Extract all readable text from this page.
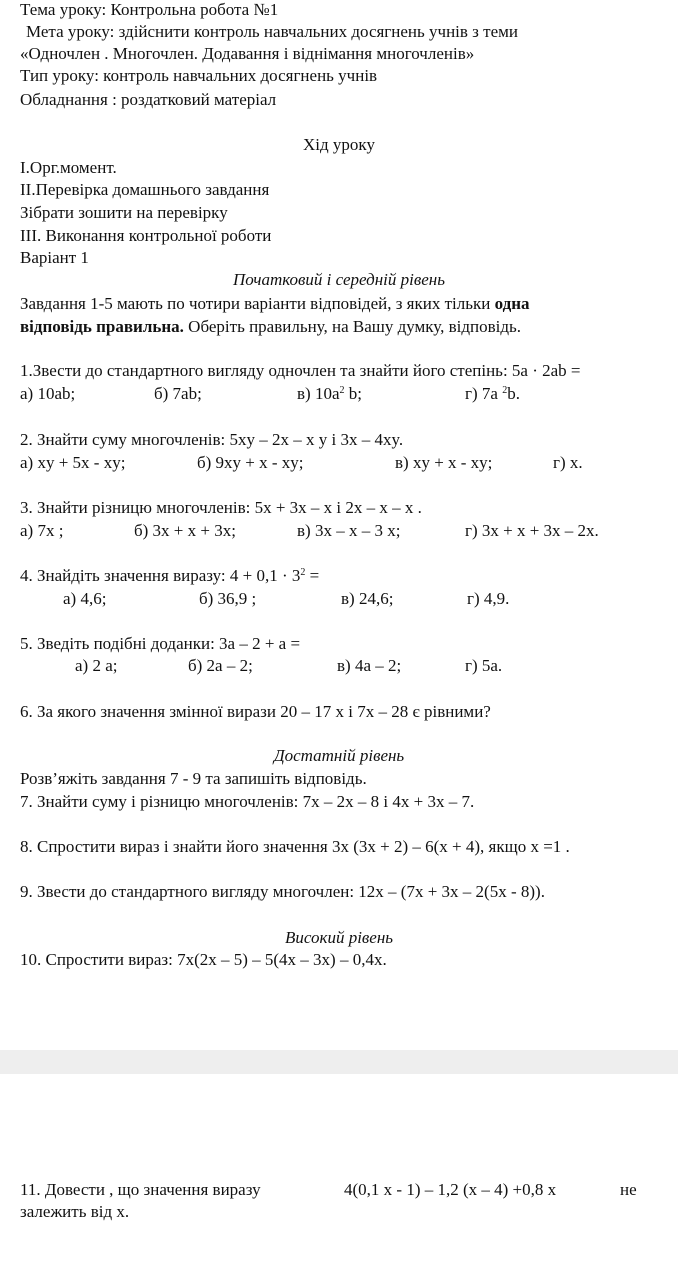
Тема уроку: Контрольна робота №1
Мета уроку: здійснити контроль навчальних досягнень учнів з теми
«Одночлен . Многочлен. Додавання і віднімання многочленів»
Тип уроку: контроль навчальних досягнень учнів
Обладнання : роздатковий матеріал
Хід уроку
І.Орг.момент.
ІІ.Перевірка домашнього завдання
Зібрати зошити на перевірку
ІІІ. Виконання контрольної роботи
Варіант 1
Початковий і середній рівень
Завдання 1-5 мають по чотири варіанти відповідей, з яких тільки одна
відповідь правильна. Оберіть правильну, на Вашу думку, відповідь.
1.Звести до стандартного вигляду одночлен та знайти його степінь: 5a · 2ab =
а) 10ab;	б) 7ab;	в) $10a^2$ b;	г) 7a $^2$b.
2. Знайти суму многочленів: 5xy – 2x – x y і 3x – 4xy.
а) xy + 5x - xy;	б) 9xy + x - xy;	в) xy + x - xy;	г) x.
3. Знайти різницю многочленів: 5x + 3x – x і 2x – x – x .
а) 7x ;	б) 3x + x + 3x;	в) 3x – x – 3 x;	г) 3x + x + 3x – 2x.
4. Знайдіть значення виразу: $4 + 0,1 \cdot 3^2$ =
а) 4,6;	б) 36,9 ;	в) 24,6;	г) 4,9.
5. Зведіть подібні доданки: 3a – 2 + a =
а) 2 a;	б) 2a – 2;	в) 4a – 2;	г) 5a.
6. За якого значення змінної вирази 20 – 17 x і 7x – 28 є рівними?
Достатній рівень
Розв’яжіть завдання 7 - 9 та запишіть відповідь.
7. Знайти суму і різницю многочленів: 7x – 2x – 8 і 4x + 3x – 7.
8. Спростити вираз і знайти його значення 3x (3x + 2) – 6(x + 4), якщо x =1 .
9. Звести до стандартного вигляду многочлен: 12x – (7x + 3x – 2(5x - 8)).
Високий рівень
10. Спростити вираз: 7x(2x – 5) – 5(4x – 3x) – 0,4x.
11. Довести , що значення виразу	4(0,1 x - 1) – 1,2 (x – 4) +0,8 x	не
залежить від x.
